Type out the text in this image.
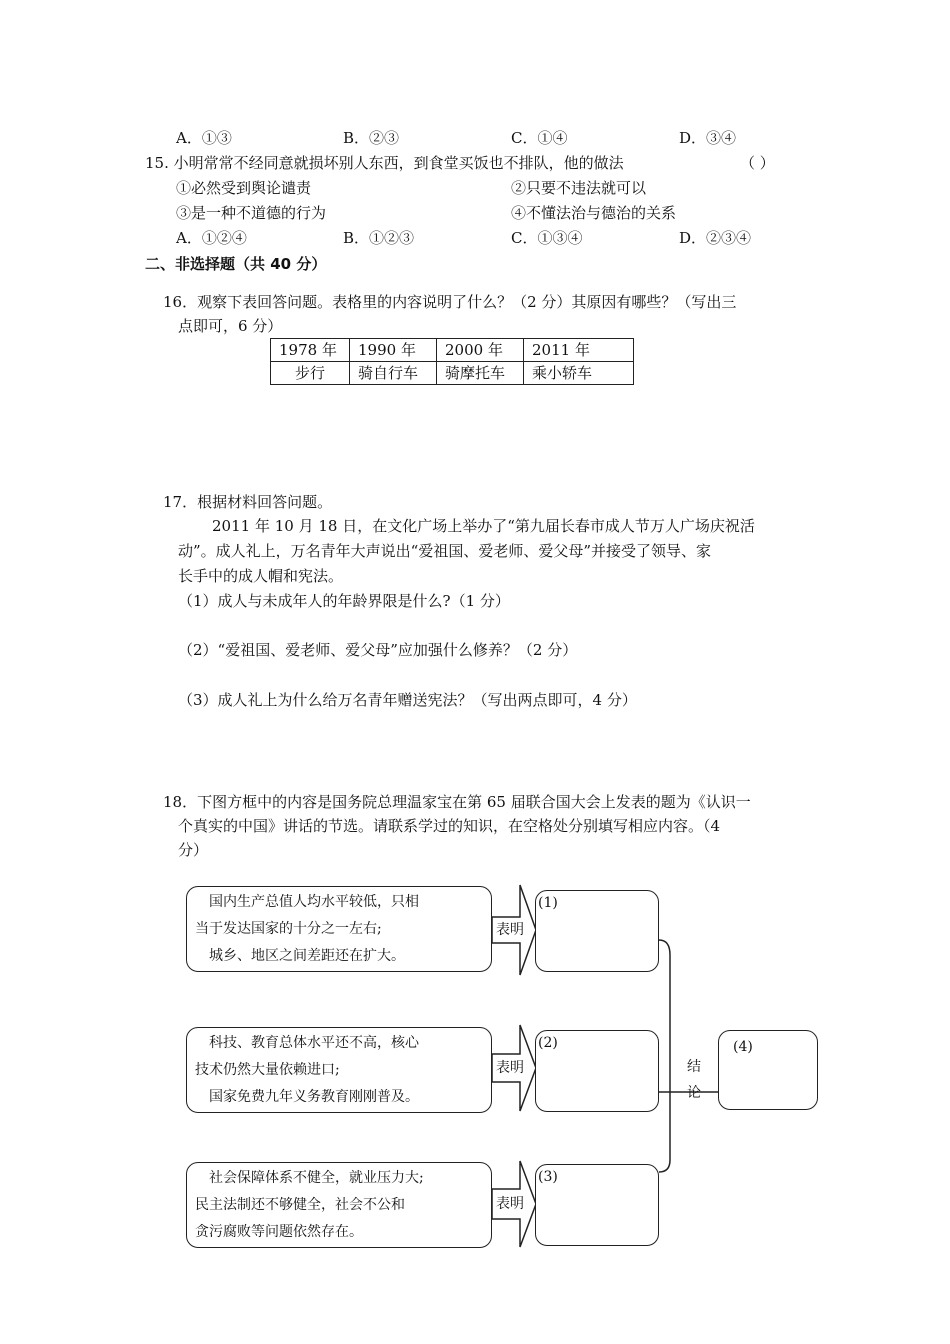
A．①③	B．②③	C．①④	D．③④
15. 小明常常不经同意就损坏别人东西，到食堂买饭也不排队，他的做法	（ ）
①必然受到舆论谴责	②只要不违法就可以
③是一种不道德的行为	④不懂法治与德治的关系
A．①②④	B．①②③	C．①③④	D．②③④
二、非选择题（共 40 分）
16．观察下表回答问题。表格里的内容说明了什么？（2 分）其原因有哪些？（写出三
点即可，6 分）
1978 年	1990 年	2000 年	2011 年
步行	骑自行车	骑摩托车	乘小轿车
17．根据材料回答问题。
2011 年 10 月 18 日，在文化广场上举办了“第九届长春市成人节万人广场庆祝活
动”。成人礼上，万名青年大声说出“爱祖国、爱老师、爱父母”并接受了领导、家
长手中的成人帽和宪法。
（1）成人与未成年人的年龄界限是什么?（1 分）
（2）“爱祖国、爱老师、爱父母”应加强什么修养？（2 分）
（3）成人礼上为什么给万名青年赠送宪法？（写出两点即可，4 分）
18．下图方框中的内容是国务院总理温家宝在第 65 届联合国大会上发表的题为《认识一
个真实的中国》讲话的节选。请联系学过的知识，在空格处分别填写相应内容。（4
分）
国内生产总值人均水平较低，只相
当于发达国家的十分之一左右;
城乡、地区之间差距还在扩大。
科技、教育总体水平还不高，核心
技术仍然大量依赖进口;
国家免费九年义务教育刚刚普及。
社会保障体系不健全，就业压力大;
民主法制还不够健全，社会不公和
贪污腐败等问题依然存在。
表明
表明
表明
(1)
(2)
(3)
(4)
结
论
